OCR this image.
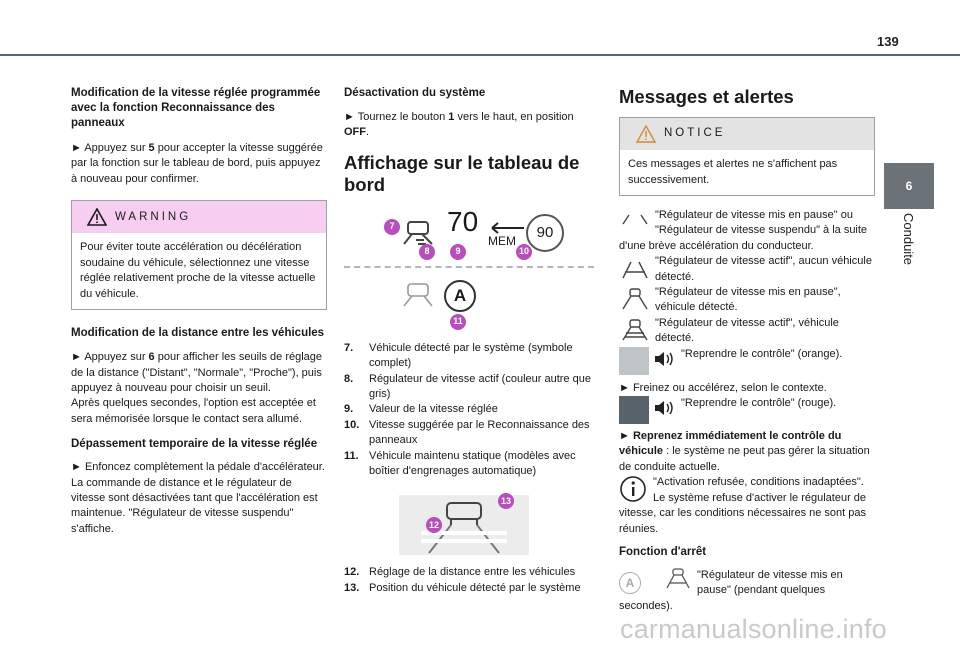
139
6
Conduite
Modification de la vitesse réglée programmée avec la fonction Reconnaissance des panneaux

► Appuyez sur 5 pour accepter la vitesse suggérée par la fonction sur le tableau de bord, puis appuyez à nouveau pour confirmer.

WARNING
Pour éviter toute accélération ou décélération soudaine du véhicule, sélectionnez une vitesse réglée relativement proche de la vitesse actuelle du véhicule.
Modification de la distance entre les véhicules

► Appuyez sur 6 pour afficher les seuils de réglage de la distance ("Distant", "Normale", "Proche"), puis appuyez à nouveau pour choisir un seuil.

Après quelques secondes, l'option est acceptée et sera mémorisée lorsque le contact sera allumé.

Dépassement temporaire de la vitesse réglée

► Enfoncez complètement la pédale d'accélérateur. La commande de distance et le régulateur de vitesse sont désactivées tant que l'accélération est maintenue. "Régulateur de vitesse suspendu" s'affiche.

Désactivation du système

► Tournez le bouton 1 vers le haut, en position OFF.

Affichage sur le tableau de bord
70
MEM 90
7
8	9	10
A
11
7.	Véhicule détecté par le système (symbole complet)
8.	Régulateur de vitesse actif (couleur autre que gris)
9.	Valeur de la vitesse réglée
10. Vitesse suggérée par le Reconnaissance des panneaux
11. Véhicule maintenu statique (modèles avec boîtier d'engrenages automatique)
13
12
12. Réglage de la distance entre les véhicules
13. Position du véhicule détecté par le système
Messages et alertes
NOTICE
Ces messages et alertes ne s'affichent pas successivement.

"Régulateur de vitesse mis en pause" ou "Régulateur de vitesse suspendu" à la suite d'une brève accélération du conducteur.

"Régulateur de vitesse actif", aucun véhicule détecté.

"Régulateur de vitesse mis en pause", véhicule détecté.

"Régulateur de vitesse actif", véhicule détecté.

"Reprendre le contrôle" (orange).

► Freinez ou accélérez, selon le contexte.

"Reprendre le contrôle" (rouge).

► Reprenez immédiatement le contrôle du véhicule : le système ne peut pas gérer la situation de conduite actuelle.

"Activation refusée, conditions inadaptées". Le système refuse d'activer le régulateur de vitesse, car les conditions nécessaires ne sont pas réunies.

Fonction d'arrêt

A
"Régulateur de vitesse mis en pause" (pendant quelques secondes).

carmanualsonline.info
